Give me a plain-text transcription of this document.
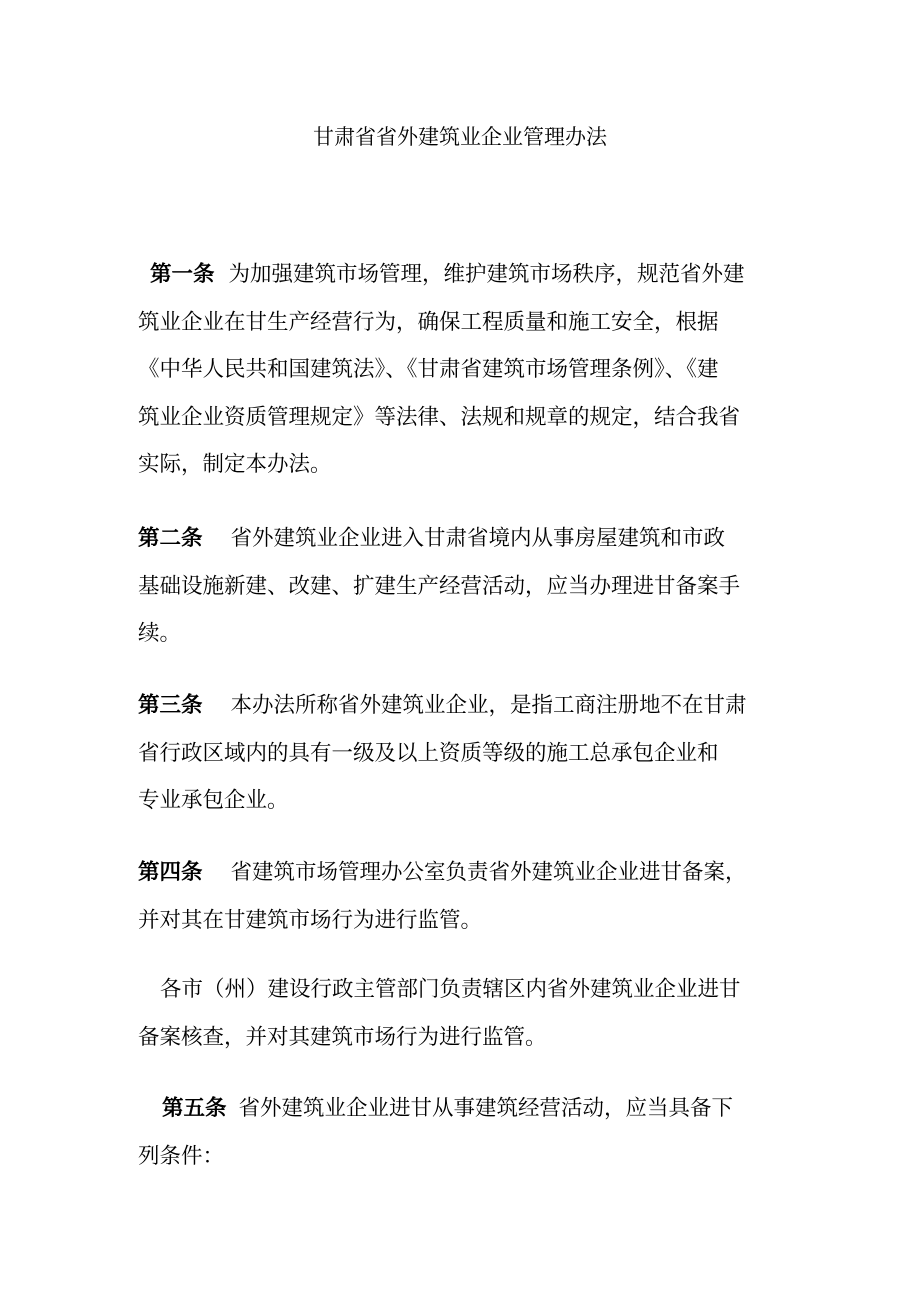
甘肃省省外建筑业企业管理办法
第一条 为加强建筑市场管理，维护建筑市场秩序，规范省外建
筑业企业在甘生产经营行为，确保工程质量和施工安全，根据
《中华人民共和国建筑法》、《甘肃省建筑市场管理条例》、《建
筑业企业资质管理规定》等法律、法规和规章的规定，结合我省
实际，制定本办法。
第二条 省外建筑业企业进入甘肃省境内从事房屋建筑和市政
基础设施新建、改建、扩建生产经营活动，应当办理进甘备案手
续。
第三条 本办法所称省外建筑业企业，是指工商注册地不在甘肃
省行政区域内的具有一级及以上资质等级的施工总承包企业和
专业承包企业。
第四条 省建筑市场管理办公室负责省外建筑业企业进甘备案，
并对其在甘建筑市场行为进行监管。
各市（州）建设行政主管部门负责辖区内省外建筑业企业进甘
备案核查，并对其建筑市场行为进行监管。
第五条 省外建筑业企业进甘从事建筑经营活动，应当具备下
列条件：
